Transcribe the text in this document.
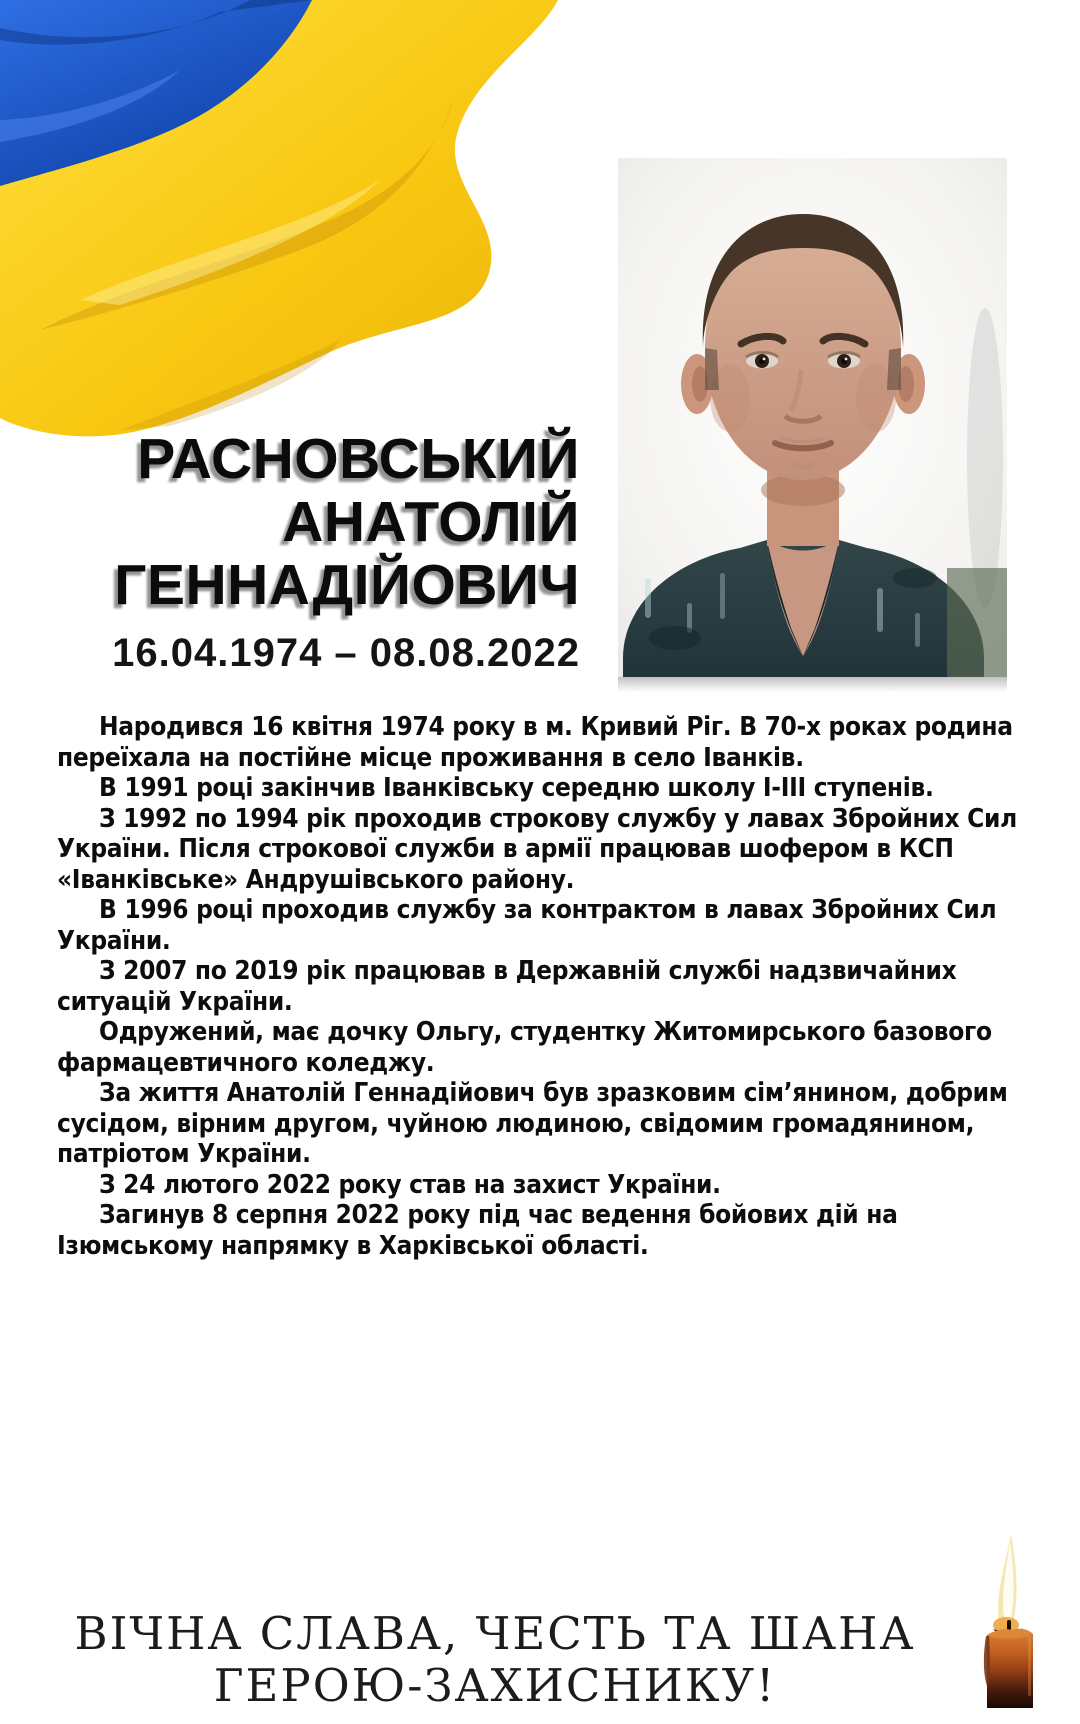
РАСНОВСЬКИЙ
АНАТОЛІЙ
ГЕННАДІЙОВИЧ
16.04.1974 – 08.08.2022

Народився 16 квітня 1974 року в м. Кривий Ріг. В 70-х роках родина переїхала на постійне місце проживання в село Іванків.

В 1991 році закінчив Іванківську середню школу І-ІІІ ступенів.

З 1992 по 1994 рік проходив строкову службу у лавах Збройних Сил України. Після строкової служби в армії працював шофером в КСП «Іванківське» Андрушівського району.

В 1996 році проходив службу за контрактом в лавах Збройних Сил України.

З 2007 по 2019 рік працював в Державній службі надзвичайних ситуацій України.

Одружений, має дочку Ольгу, студентку Житомирського базового фармацевтичного коледжу.

За життя Анатолій Геннадійович був зразковим сім’янином, добрим сусідом, вірним другом, чуйною людиною, свідомим громадянином, патріотом України.

З 24 лютого 2022 року став на захист України.

Загинув 8 серпня 2022 року під час ведення бойових дій на Ізюмському напрямку в Харківської області.

ВІЧНА СЛАВА, ЧЕСТЬ ТА ШАНА
ГЕРОЮ-ЗАХИСНИКУ!
